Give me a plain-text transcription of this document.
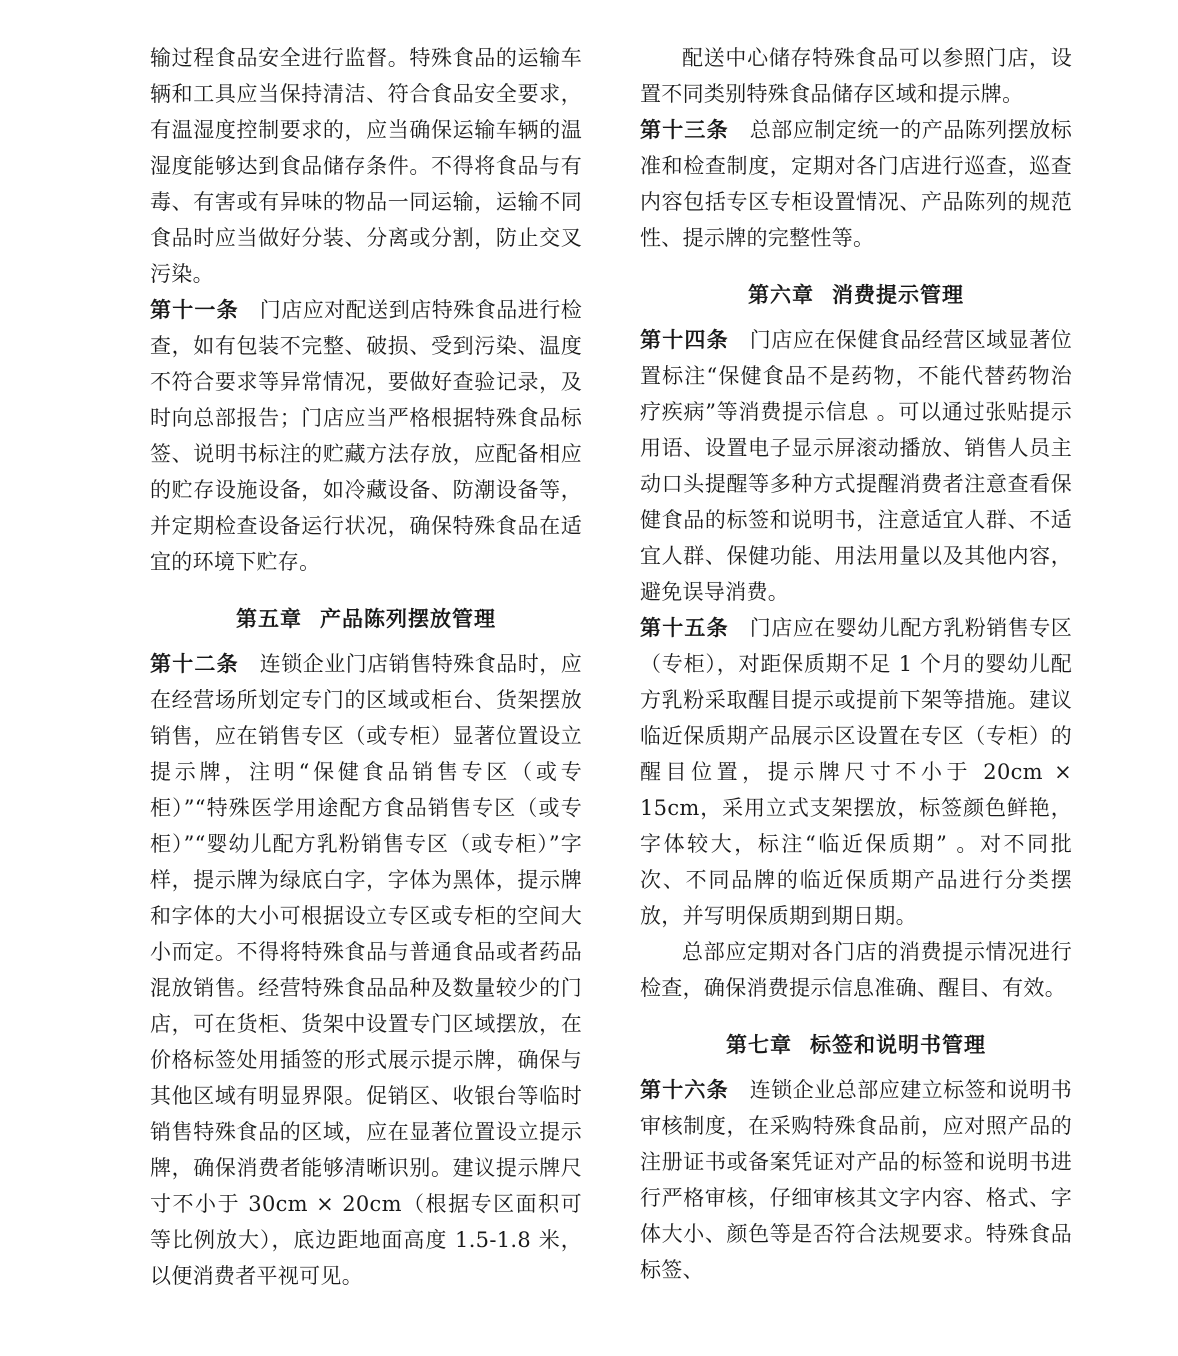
输过程食品安全进行监督。特殊食品的运输车辆和工具应当保持清洁、符合食品安全要求，有温湿度控制要求的，应当确保运输车辆的温湿度能够达到食品储存条件。不得将食品与有毒、有害或有异味的物品一同运输，运输不同食品时应当做好分装、分离或分割，防止交叉污染。

第十一条 门店应对配送到店特殊食品进行检查，如有包装不完整、破损、受到污染、温度不符合要求等异常情况，要做好查验记录，及时向总部报告；门店应当严格根据特殊食品标签、说明书标注的贮藏方法存放，应配备相应的贮存设施设备，如冷藏设备、防潮设备等，并定期检查设备运行状况，确保特殊食品在适宜的环境下贮存。

第五章 产品陈列摆放管理

第十二条 连锁企业门店销售特殊食品时，应在经营场所划定专门的区域或柜台、货架摆放销售，应在销售专区（或专柜）显著位置设立提示牌，注明“保健食品销售专区（或专柜）”“特殊医学用途配方食品销售专区（或专柜）”“婴幼儿配方乳粉销售专区（或专柜）”字样，提示牌为绿底白字，字体为黑体，提示牌和字体的大小可根据设立专区或专柜的空间大小而定。不得将特殊食品与普通食品或者药品混放销售。经营特殊食品品种及数量较少的门店，可在货柜、货架中设置专门区域摆放，在价格标签处用插签的形式展示提示牌，确保与其他区域有明显界限。促销区、收银台等临时销售特殊食品的区域，应在显著位置设立提示牌，确保消费者能够清晰识别。建议提示牌尺寸不小于 30cm × 20cm（根据专区面积可等比例放大），底边距地面高度 1.5-1.8 米，以便消费者平视可见。

配送中心储存特殊食品可以参照门店，设置不同类别特殊食品储存区域和提示牌。

第十三条 总部应制定统一的产品陈列摆放标准和检查制度，定期对各门店进行巡查，巡查内容包括专区专柜设置情况、产品陈列的规范性、提示牌的完整性等。

第六章 消费提示管理

第十四条 门店应在保健食品经营区域显著位置标注“保健食品不是药物，不能代替药物治疗疾病”等消费提示信息 。可以通过张贴提示用语、设置电子显示屏滚动播放、销售人员主动口头提醒等多种方式提醒消费者注意查看保健食品的标签和说明书，注意适宜人群、不适宜人群、保健功能、用法用量以及其他内容，避免误导消费。

第十五条 门店应在婴幼儿配方乳粉销售专区（专柜），对距保质期不足 1 个月的婴幼儿配方乳粉采取醒目提示或提前下架等措施。建议临近保质期产品展示区设置在专区（专柜）的醒目位置，提示牌尺寸不小于 20cm × 15cm，采用立式支架摆放，标签颜色鲜艳，字体较大，标注“临近保质期” 。对不同批次、不同品牌的临近保质期产品进行分类摆放，并写明保质期到期日期。

总部应定期对各门店的消费提示情况进行检查，确保消费提示信息准确、醒目、有效。

第七章 标签和说明书管理

第十六条 连锁企业总部应建立标签和说明书审核制度，在采购特殊食品前，应对照产品的注册证书或备案凭证对产品的标签和说明书进行严格审核，仔细审核其文字内容、格式、字体大小、颜色等是否符合法规要求。特殊食品标签、
